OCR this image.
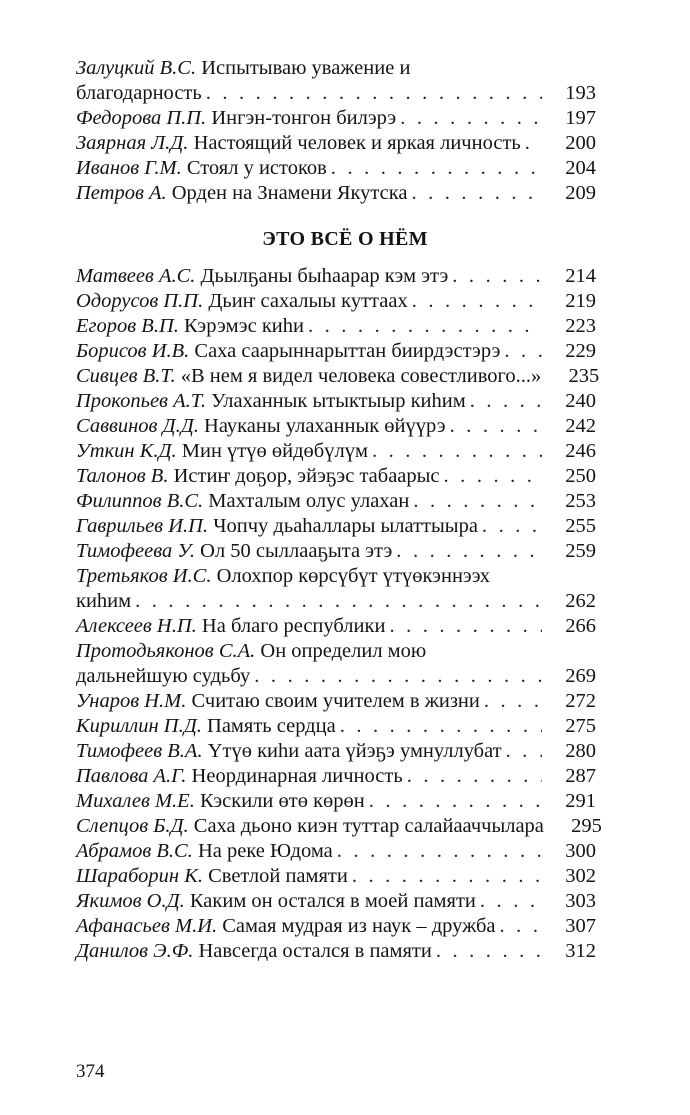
Залуцкий В.С. Испытываю уважение и
благодарность . . .	193
Федорова П.П. Ингэн-тонгон билэрэ . . .	197
Заярная Л.Д. Настоящий человек и яркая личность . . .	200
Иванов Г.М. Стоял у истоков . . .	204
Петров А. Орден на Знамени Якутска . . .	209
ЭТО ВСЁ О НЁМ
Матвеев А.С. Дьылҕаны быһаарар кэм этэ . . .	214
Одорусов П.П. Дьиҥ сахалыы куттаах . . .	219
Егоров В.П. Кэрэмэс киһи . . .	223
Борисов И.В. Саха саарыннарыттан биирдэстэрэ . . .	229
Сивцев В.Т. «В нем я видел человека совестливого...» . . .	235
Прокопьев А.Т. Улаханнык ытыктыыр киһим . . .	240
Саввинов Д.Д. Науканы улаханнык өйүүрэ . . .	242
Уткин К.Д. Мин үтүө өйдөбүлүм . . .	246
Талонов В. Истиҥ доҕор, эйэҕэс табаарыс . . .	250
Филиппов В.С. Махталым олус улахан . . .	253
Гаврильев И.П. Чопчу дьаһаллары ылаттыыра . . .	255
Тимофеева У. Ол 50 сыллааҕыта этэ . . .	259
Третьяков И.С. Олохпор көрсүбүт үтүөкэннээх
киһим . . .	262
Алексеев Н.П. На благо республики . . .	266
Протодьяконов С.А. Он определил мою
дальнейшую судьбу . . .	269
Унаров Н.М. Считаю своим учителем в жизни . . .	272
Кириллин П.Д. Память сердца . . .	275
Тимофеев В.А. Үтүө киһи аата үйэҕэ умнуллубат . . .	280
Павлова А.Г. Неординарная личность . . .	287
Михалев М.Е. Кэскили өтө көрөн . . .	291
Слепцов Б.Д. Саха дьоно киэн туттар салайааччылара . . .	295
Абрамов В.С. На реке Юдома . . .	300
Шараборин К. Светлой памяти . . .	302
Якимов О.Д. Каким он остался в моей памяти . . .	303
Афанасьев М.И. Самая мудрая из наук – дружба . . .	307
Данилов Э.Ф. Навсегда остался в памяти . . .	312
374
